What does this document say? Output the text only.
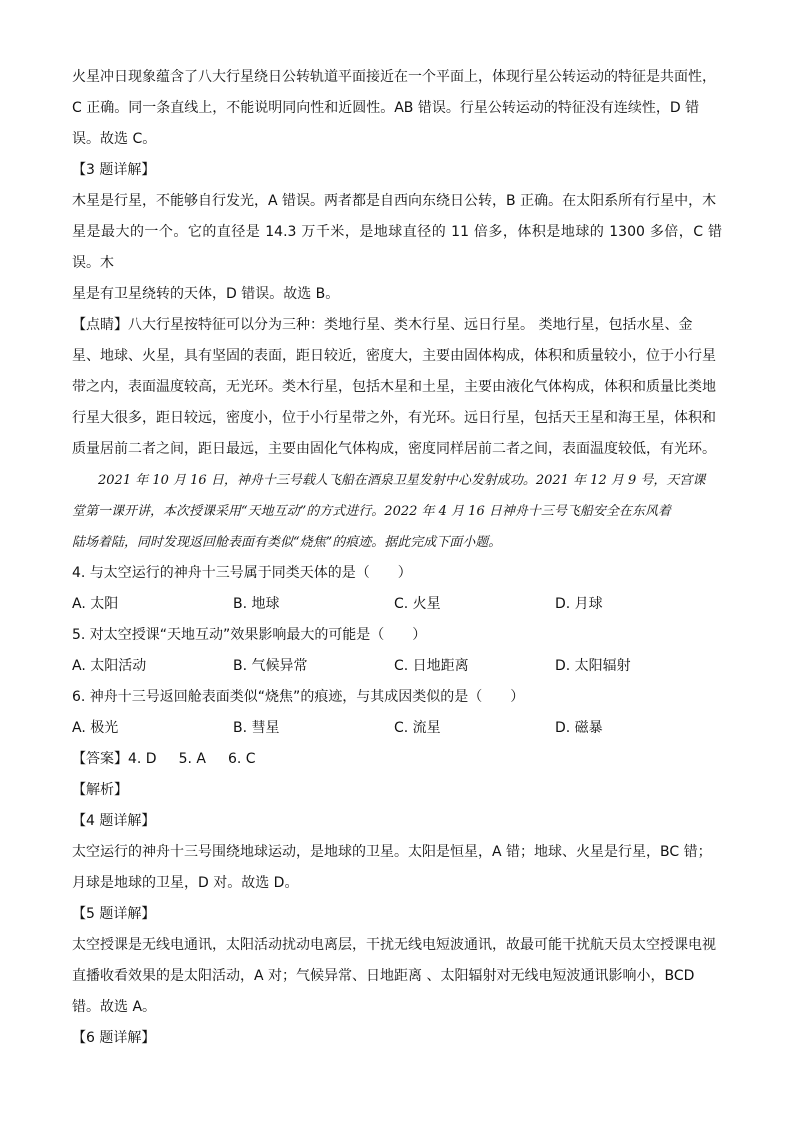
火星冲日现象蕴含了八大行星绕日公转轨道平面接近在一个平面上，体现行星公转运动的特征是共面性，

C 正确。同一条直线上，不能说明同向性和近圆性。AB 错误。行星公转运动的特征没有连续性，D 错

误。故选 C。

【3 题详解】

木星是行星，不能够自行发光，A 错误。两者都是自西向东绕日公转，B 正确。在太阳系所有行星中，木

星是最大的一个。它的直径是 14.3 万千米，是地球直径的 11 倍多，体积是地球的 1300 多倍，C 错误。木

星是有卫星绕转的天体，D 错误。故选 B。

【点睛】八大行星按特征可以分为三种：类地行星、类木行星、远日行星。 类地行星，包括水星、金

星、地球、火星，具有坚固的表面，距日较近，密度大，主要由固体构成，体积和质量较小，位于小行星

带之内，表面温度较高，无光环。类木行星，包括木星和土星，主要由液化气体构成，体积和质量比类地

行星大很多，距日较远，密度小，位于小行星带之外，有光环。远日行星，包括天王星和海王星，体积和

质量居前二者之间，距日最远，主要由固化气体构成，密度同样居前二者之间，表面温度较低，有光环。

2021 年 10 月 16 日，神舟十三号载人飞船在酒泉卫星发射中心发射成功。2021 年 12 月 9 号，天宫课

堂第一课开讲，本次授课采用“天地互动”的方式进行。2022 年 4 月 16 日神舟十三号飞船安全在东风着

陆场着陆，同时发现返回舱表面有类似“烧焦”的痕迹。据此完成下面小题。

4. 与太空运行的神舟十三号属于同类天体的是（　　）

A. 太阳	B. 地球	C. 火星	D. 月球

5. 对太空授课“天地互动”效果影响最大的可能是（　　）

A. 太阳活动	B. 气候异常	C. 日地距离	D. 太阳辐射

6. 神舟十三号返回舱表面类似“烧焦”的痕迹，与其成因类似的是（　　）

A. 极光	B. 彗星	C. 流星	D. 磁暴

【答案】4. D 5. A 6. C

【解析】

【4 题详解】

太空运行的神舟十三号围绕地球运动，是地球的卫星。太阳是恒星，A 错；地球、火星是行星，BC 错；

月球是地球的卫星，D 对。故选 D。

【5 题详解】

太空授课是无线电通讯，太阳活动扰动电离层，干扰无线电短波通讯，故最可能干扰航天员太空授课电视

直播收看效果的是太阳活动，A 对；气候异常、日地距离 、太阳辐射对无线电短波通讯影响小，BCD

错。故选 A。

【6 题详解】
